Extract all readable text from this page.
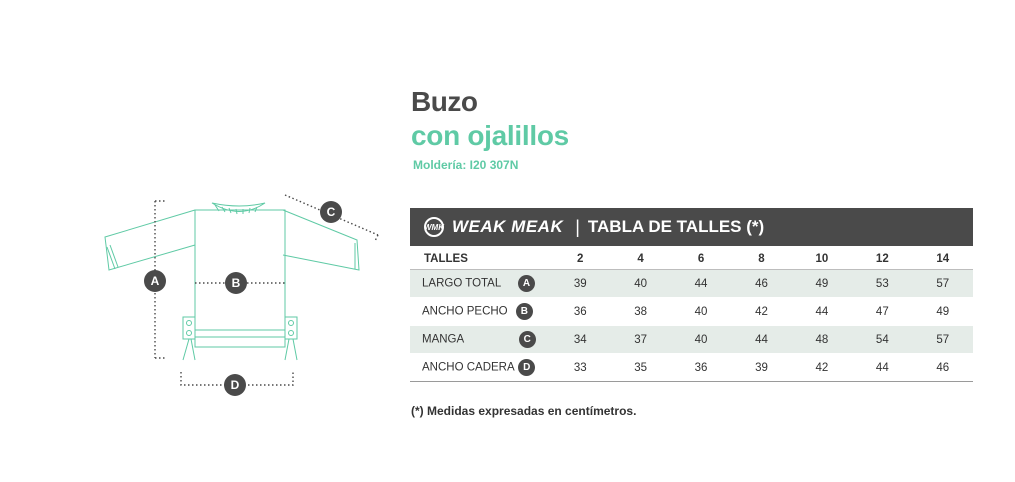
A	B
C
D
Buzo
con ojalillos
Moldería: I20 307N
WMK WEAK MEAK | TABLA DE TALLES (*)
TALLES	2	4	6	8	10	12	14
LARGO TOTAL A	39	40	44	46	49	53	57
ANCHO PECHO B	36	38	40	42	44	47	49
MANGA C	34	37	40	44	48	54	57
ANCHO CADERA D	33	35	36	39	42	44	46
(*) Medidas expresadas en centímetros.
